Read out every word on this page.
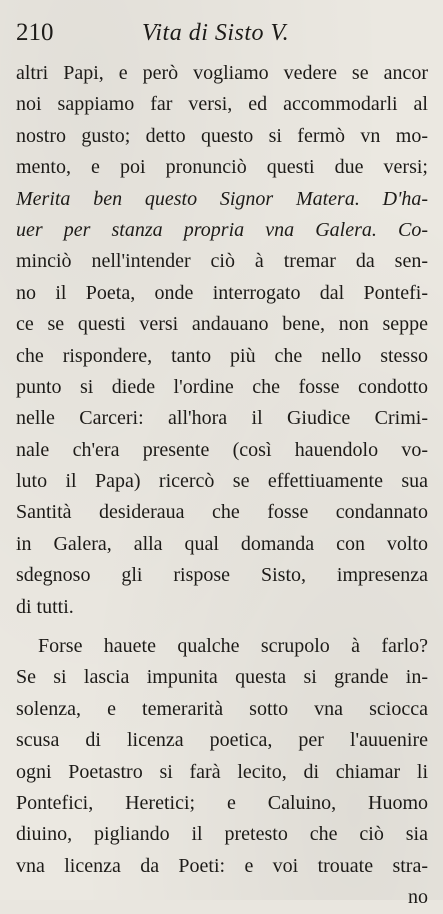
210	Vita di Sisto V.
altri Papi, e però vogliamo vedere se ancor
noi sappiamo far versi, ed accommodarli al
nostro gusto; detto questo si fermò vn mo-
mento, e poi pronunciò questi due versi;
Merita ben questo Signor Matera. D'ha-
uer per stanza propria vna Galera. Co-
minciò nell'intender ciò à tremar da sen-
no il Poeta, onde interrogato dal Pontefi-
ce se questi versi andauano bene, non seppe
che rispondere, tanto più che nello stesso
punto si diede l'ordine che fosse condotto
nelle Carceri: all'hora il Giudice Crimi-
nale ch'era presente (così hauendolo vo-
luto il Papa) ricercò se effettiuamente sua
Santità desideraua che fosse condannato
in Galera, alla qual domanda con volto
sdegnoso gli rispose Sisto, impresenza
di tutti.
Forse hauete qualche scrupolo à farlo?
Se si lascia impunita questa si grande in-
solenza, e temerarità sotto vna sciocca
scusa di licenza poetica, per l'auuenire
ogni Poetastro si farà lecito, di chiamar li
Pontefici, Heretici; e Caluino, Huomo
diuino, pigliando il pretesto che ciò sia
vna licenza da Poeti: e voi trouate stra-
no
